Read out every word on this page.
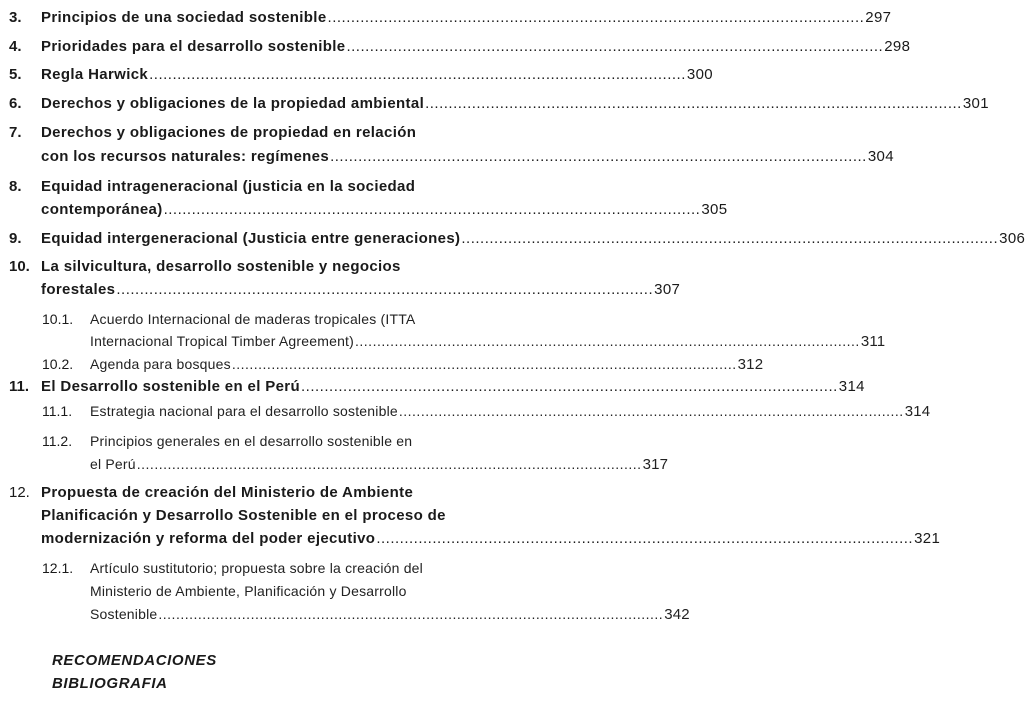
3. Principios de una sociedad sostenible ................................................................................................................... 297
4. Prioridades para el desarrollo sostenible ................................................................................................................... 298
5. Regla Harwick ................................................................................................................... 300
6. Derechos y obligaciones de la propiedad ambiental ................................................................................................................... 301
7. Derechos y obligaciones de propiedad en relación
con los recursos naturales: regímenes ................................................................................................................... 304
8. Equidad intrageneracional (justicia en la sociedad
contemporánea) ................................................................................................................... 305
9. Equidad intergeneracional (Justicia entre generaciones) ................................................................................................................... 306
10. La silvicultura, desarrollo sostenible y negocios
forestales ................................................................................................................... 307
10.1. Acuerdo Internacional de maderas tropicales (ITTA
Internacional Tropical Timber Agreement) ................................................................................................................... 311
10.2. Agenda para bosques ................................................................................................................... 312
11. El Desarrollo sostenible en el Perú ................................................................................................................... 314
11.1. Estrategia nacional para el desarrollo sostenible ................................................................................................................... 314
11.2. Principios generales en el desarrollo sostenible en
el Perú ................................................................................................................... 317
12. Propuesta de creación del Ministerio de Ambiente
Planificación y Desarrollo Sostenible en el proceso de
modernización y reforma del poder ejecutivo ................................................................................................................... 321
12.1. Artículo sustitutorio; propuesta sobre la creación del
Ministerio de Ambiente, Planificación y Desarrollo
Sostenible ................................................................................................................... 342
RECOMENDACIONES
BIBLIOGRAFIA
